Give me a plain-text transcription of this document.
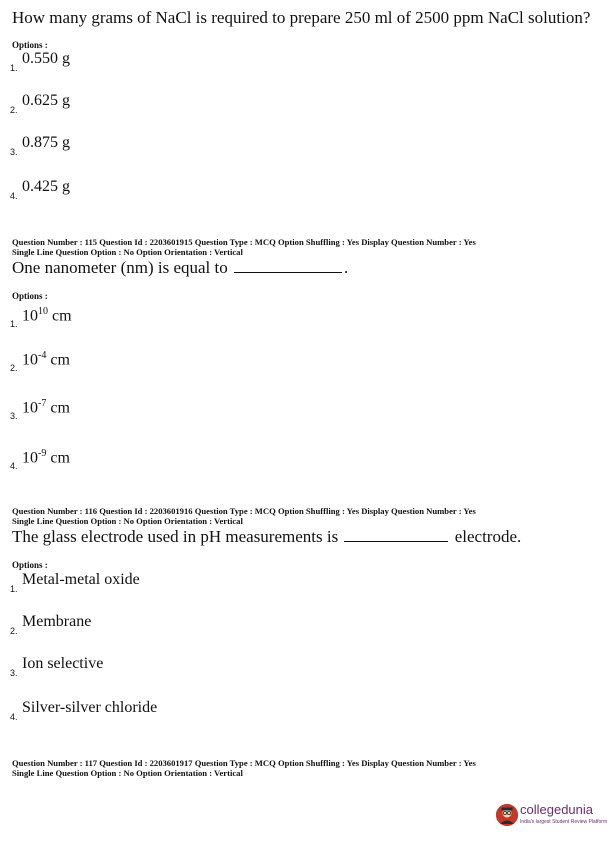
How many grams of NaCl is required to prepare 250 ml of 2500 ppm NaCl solution?
Options :
1.
0.550 g
2.
0.625 g
3.
0.875 g
4.
0.425 g
Question Number : 115 Question Id : 2203601915 Question Type : MCQ Option Shuffling : Yes Display Question Number : Yes
Single Line Question Option : No Option Orientation : Vertical
One nanometer (nm) is equal to	.
Options :
1. $10^{10}$ cm
2. $10^{-4}$ cm
3. $10^{-7}$ cm
4. $10^{-9}$ cm
Question Number : 116 Question Id : 2203601916 Question Type : MCQ Option Shuffling : Yes Display Question Number : Yes
Single Line Question Option : No Option Orientation : Vertical
The glass electrode used in pH measurements is	electrode.
Options :
1.
Metal-metal oxide
2.
Membrane
3.
Ion selective
4.
Silver-silver chloride
Question Number : 117 Question Id : 2203601917 Question Type : MCQ Option Shuffling : Yes Display Question Number : Yes
Single Line Question Option : No Option Orientation : Vertical
collegedunia
India's largest Student Review Platform
